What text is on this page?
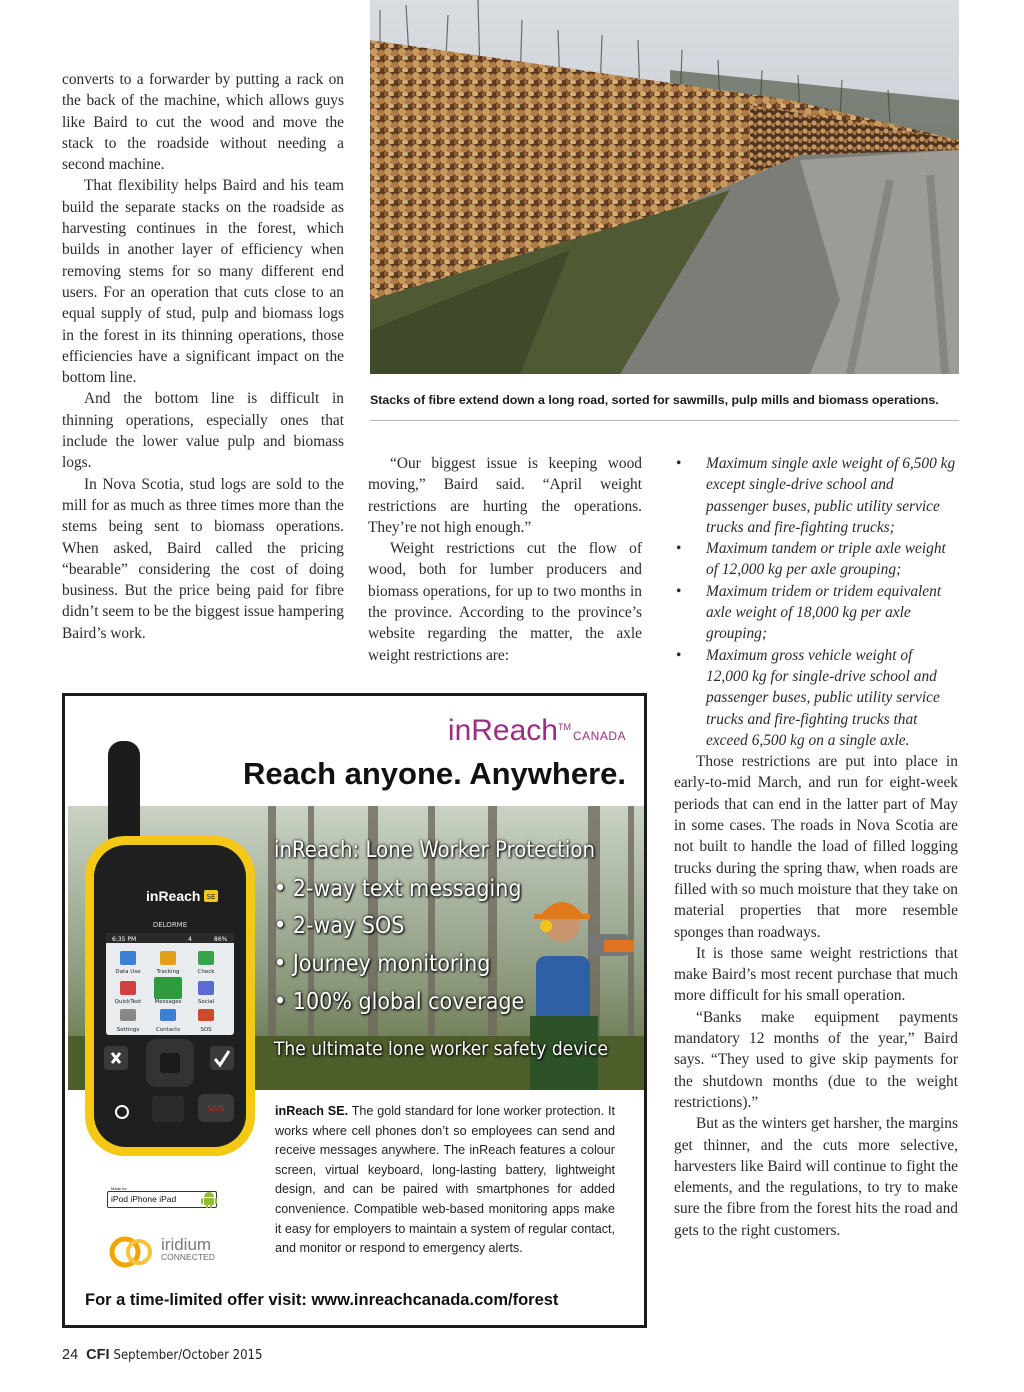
converts to a forwarder by putting a rack on the back of the machine, which allows guys like Baird to cut the wood and move the stack to the roadside without needing a second machine.

That flexibility helps Baird and his team build the separate stacks on the roadside as harvesting continues in the forest, which builds in another layer of efficiency when removing stems for so many different end users. For an operation that cuts close to an equal supply of stud, pulp and biomass logs in the forest in its thinning operations, those efficiencies have a significant impact on the bottom line.

And the bottom line is difficult in thinning operations, especially ones that include the lower value pulp and biomass logs.

In Nova Scotia, stud logs are sold to the mill for as much as three times more than the stems being sent to biomass operations. When asked, Baird called the pricing “bearable” considering the cost of doing business. But the price being paid for fibre didn’t seem to be the biggest issue hampering Baird’s work.

Stacks of fibre extend down a long road, sorted for sawmills, pulp mills and biomass operations.

“Our biggest issue is keeping wood moving,” Baird said. “April weight restrictions are hurting the operations. They’re not high enough.”

Weight restrictions cut the flow of wood, both for lumber producers and biomass operations, for up to two months in the province. According to the province’s website regarding the matter, the axle weight restrictions are:

• Maximum single axle weight of 6,500 kg except single-drive school and passenger buses, public utility service trucks and fire-fighting trucks;
• Maximum tandem or triple axle weight of 12,000 kg per axle grouping;
• Maximum tridem or tridem equivalent axle weight of 18,000 kg per axle grouping;
• Maximum gross vehicle weight of 12,000 kg for single-drive school and passenger buses, public utility service trucks and fire-fighting trucks that exceed 6,500 kg on a single axle.

Those restrictions are put into place in early-to-mid March, and run for eight-week periods that can end in the latter part of May in some cases. The roads in Nova Scotia are not built to handle the load of filled logging trucks during the spring thaw, when roads are filled with so much moisture that they take on material properties that more resemble sponges than roadways.

It is those same weight restrictions that make Baird’s most recent purchase that much more difficult for his small operation.

“Banks make equipment payments mandatory 12 months of the year,” Baird says. “They used to give skip payments for the shutdown months (due to the weight restrictions).”

But as the winters get harsher, the margins get thinner, and the cuts more selective, harvesters like Baird will continue to fight the elements, and the regulations, to try to make sure the fibre from the forest hits the road and gets to the right customers.

inReach™CANADA
Reach anyone. Anywhere.
inReach: Lone Worker Protection
• 2-way text messaging
• 2-way SOS
• Journey monitoring
• 100% global coverage
The ultimate lone worker safety device
SOS
inReach SE
DELORME
6:35 PM	4	86%
Data Use	Tracking	Check
QuickText Messages	Social
Settings	Contacts	SOS
inReach SE. The gold standard for lone worker protection. It works where cell phones don’t so employees can send and receive messages anywhere. The inReach features a colour screen, virtual keyboard, long-lasting battery, lightweight design, and can be paired with smartphones for added convenience. Compatible web-based monitoring apps make it easy for employers to maintain a system of regular contact, and monitor or respond to emergency alerts.
Made for
iPod iPhone iPad
iridium
CONNECTED
For a time-limited offer visit: www.inreachcanada.com/forest
24 CFI September/October 2015
